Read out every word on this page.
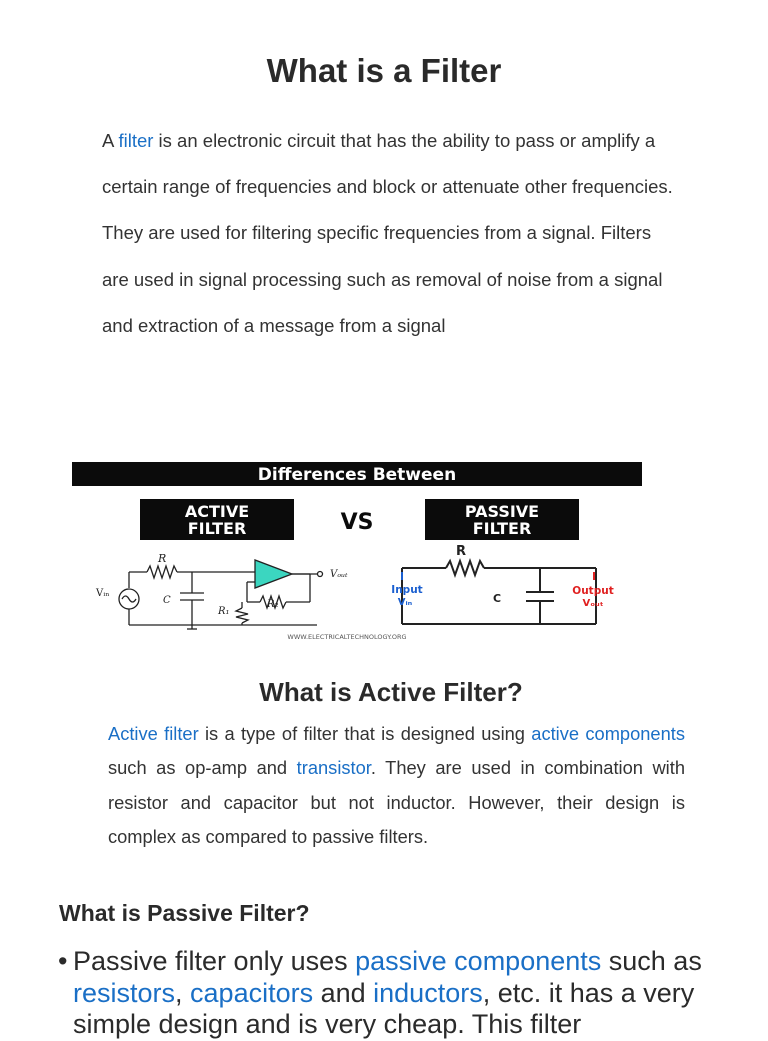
What is a Filter

A filter is an electronic circuit that has the ability to pass or amplify a certain range of frequencies and block or attenuate other frequencies. They are used for filtering specific frequencies from a signal. Filters are used in signal processing such as removal of noise from a signal and extraction of a message from a signal

Differences Between
ACTIVE
FILTER	VS	PASSIVE
FILTER
R
C
R₁
R₂
Vᵢₙ
Vₒᵤₜ
R
C
Input
Vᵢₙ
Output
Vₒᵤₜ
WWW.ELECTRICALTECHNOLOGY.ORG
What is Active Filter?

Active filter is a type of filter that is designed using active components such as op-amp and transistor. They are used in combination with resistor and capacitor but not inductor. However, their design is complex as compared to passive filters.

What is Passive Filter?
• Passive filter only uses passive components such as resistors, capacitors and inductors, etc. it has a very simple design and is very cheap. This filter
